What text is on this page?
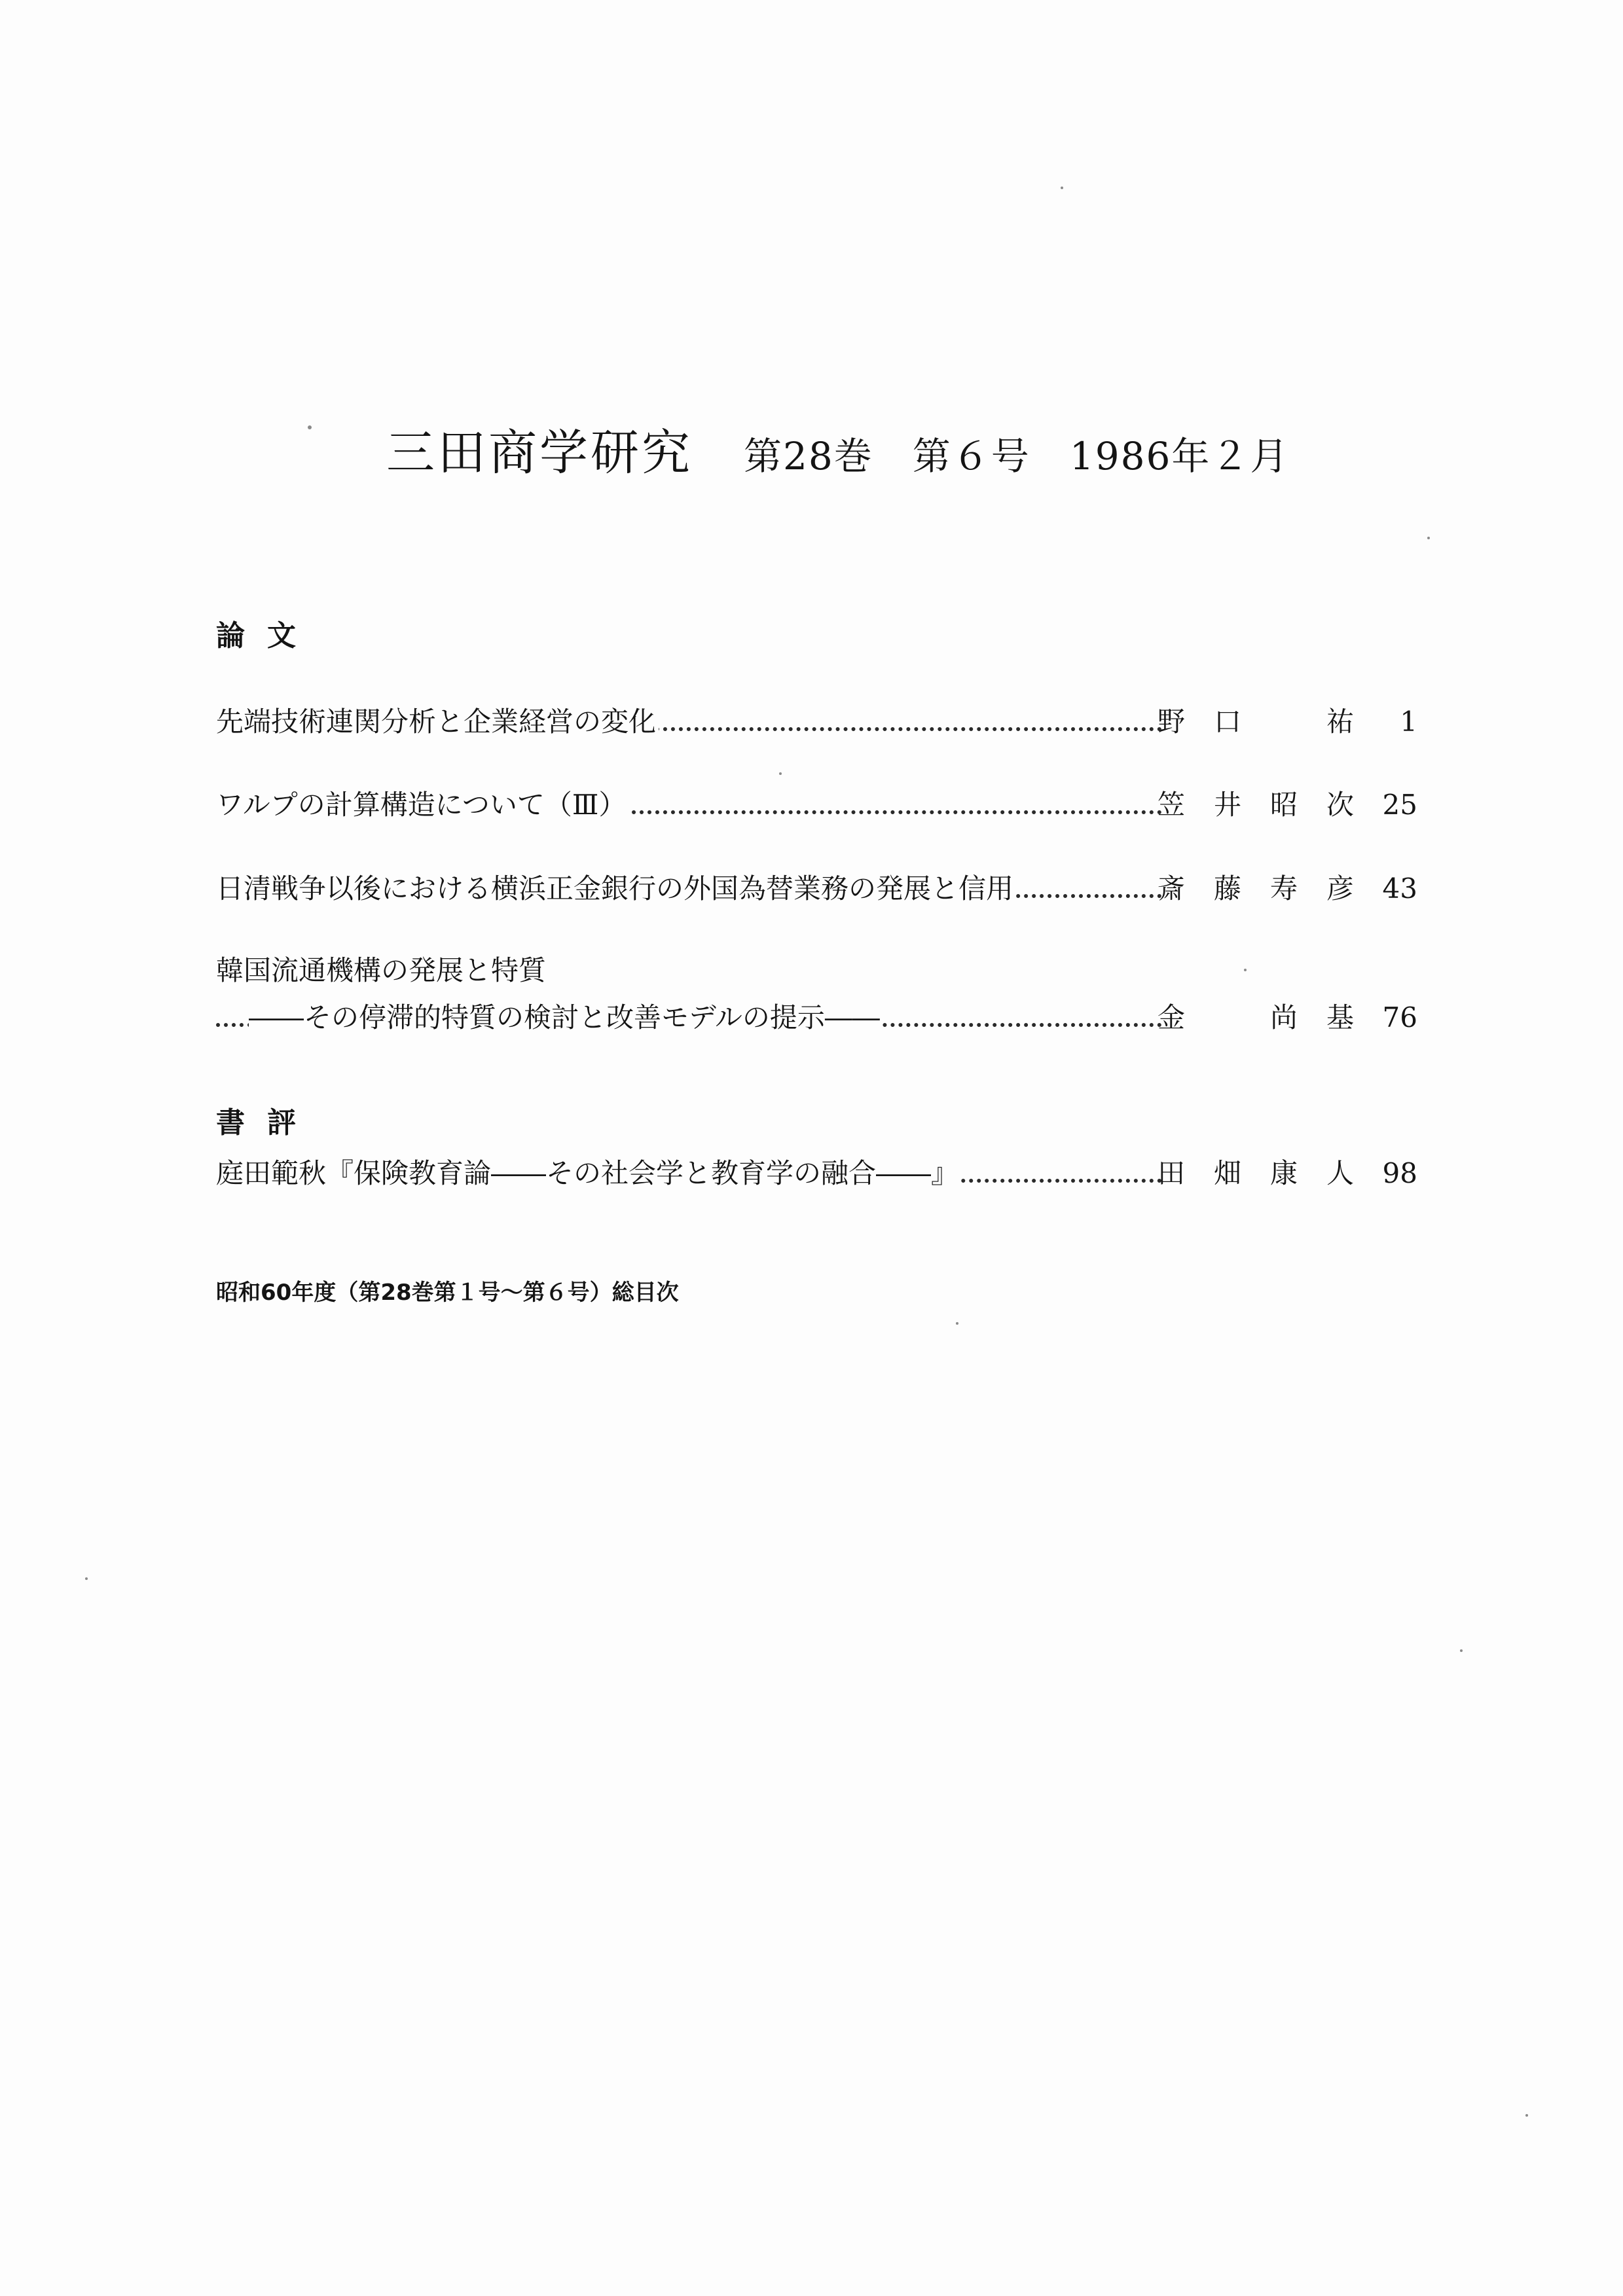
三田商学研究 第28巻　第６号　1986年２月
論文
先端技術連関分析と企業経営の変化	野口　祐 1
ワルプの計算構造について（Ⅲ）	笠井昭次 25
日清戦争以後における横浜正金銀行の外国為替業務の発展と信用	斎藤寿彦 43
韓国流通機構の発展と特質
――その停滞的特質の検討と改善モデルの提示――	金　尚基 76
書評
庭田範秋『保険教育論――その社会学と教育学の融合――』	田畑康人 98
昭和60年度（第28巻第１号～第６号）総目次
